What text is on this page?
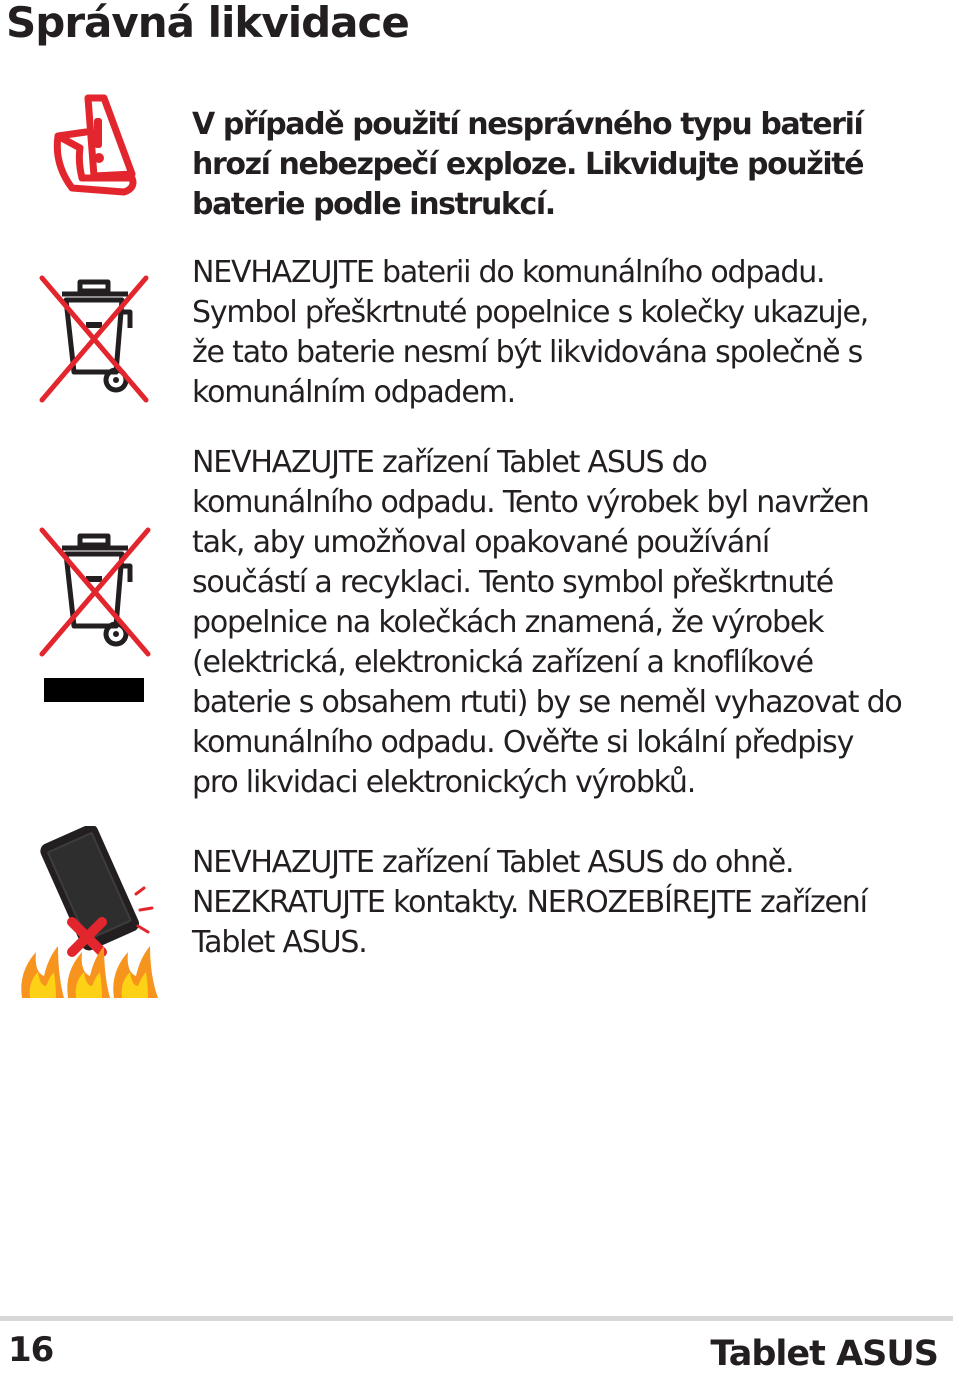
Správná likvidace

V případě použití nesprávného typu baterií
hrozí nebezpečí exploze. Likvidujte použité
baterie podle instrukcí.

NEVHAZUJTE baterii do komunálního odpadu.
Symbol přeškrtnuté popelnice s kolečky ukazuje,
že tato baterie nesmí být likvidována společně s
komunálním odpadem.

NEVHAZUJTE zařízení Tablet ASUS do
komunálního odpadu. Tento výrobek byl navržen
tak, aby umožňoval opakované používání
součástí a recyklaci. Tento symbol přeškrtnuté
popelnice na kolečkách znamená, že výrobek
(elektrická, elektronická zařízení a knoflíkové
baterie s obsahem rtuti) by se neměl vyhazovat do
komunálního odpadu. Ověřte si lokální předpisy
pro likvidaci elektronických výrobků.

NEVHAZUJTE zařízení Tablet ASUS do ohně.
NEZKRATUJTE kontakty. NEROZEBÍREJTE zařízení
Tablet ASUS.

16	Tablet ASUS
